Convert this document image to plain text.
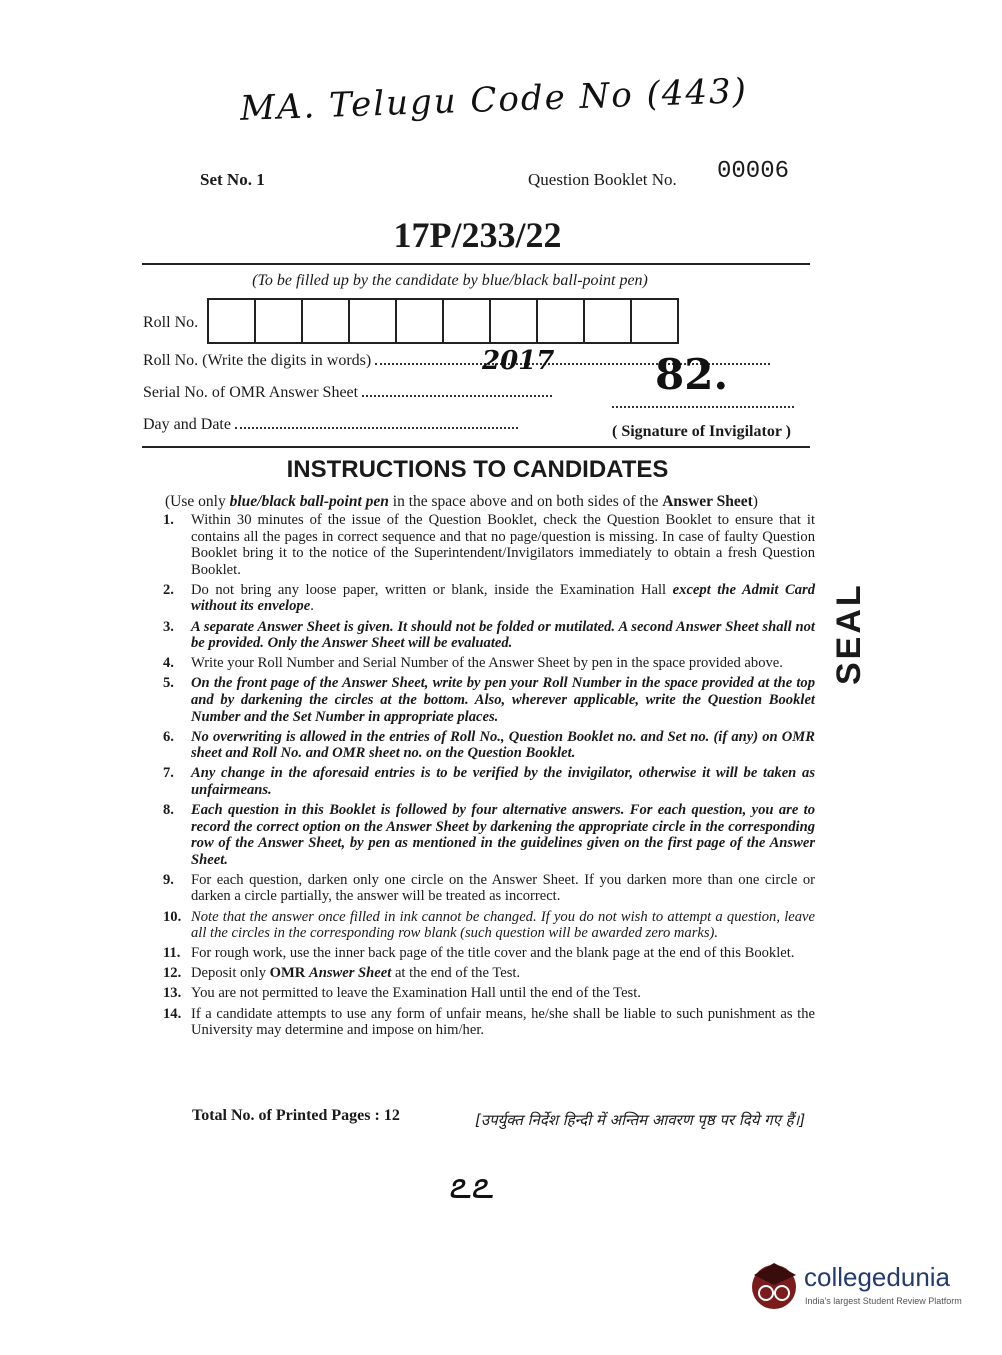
MA. Telugu Code No (443)
Set No. 1	Question Booklet No. 00006
17P/233/22
(To be filled up by the candidate by blue/black ball-point pen)
Roll No.
Roll No. (Write the digits in words)	2017 82.
Serial No. of OMR Answer Sheet
Day and Date	( Signature of Invigilator )
INSTRUCTIONS TO CANDIDATES
(Use only blue/black ball-point pen in the space above and on both sides of the Answer Sheet)
1.	Within 30 minutes of the issue of the Question Booklet, check the Question Booklet to ensure that it contains all the pages in correct sequence and that no page/question is missing. In case of faulty Question Booklet bring it to the notice of the Superintendent/Invigilators immediately to obtain a fresh Question Booklet.
2.	Do not bring any loose paper, written or blank, inside the Examination Hall except the Admit Card without its envelope.
3.	A separate Answer Sheet is given. It should not be folded or mutilated. A second Answer Sheet shall not be provided. Only the Answer Sheet will be evaluated.
4.	Write your Roll Number and Serial Number of the Answer Sheet by pen in the space provided above.
5.	On the front page of the Answer Sheet, write by pen your Roll Number in the space provided at the top and by darkening the circles at the bottom. Also, wherever applicable, write the Question Booklet Number and the Set Number in appropriate places.
6.	No overwriting is allowed in the entries of Roll No., Question Booklet no. and Set no. (if any) on OMR sheet and Roll No. and OMR sheet no. on the Question Booklet.
7.	Any change in the aforesaid entries is to be verified by the invigilator, otherwise it will be taken as unfairmeans.
8.	Each question in this Booklet is followed by four alternative answers. For each question, you are to record the correct option on the Answer Sheet by darkening the appropriate circle in the corresponding row of the Answer Sheet, by pen as mentioned in the guidelines given on the first page of the Answer Sheet.
9.	For each question, darken only one circle on the Answer Sheet. If you darken more than one circle or darken a circle partially, the answer will be treated as incorrect.
10. Note that the answer once filled in ink cannot be changed. If you do not wish to attempt a question, leave all the circles in the corresponding row blank (such question will be awarded zero marks).
11. For rough work, use the inner back page of the title cover and the blank page at the end of this Booklet.
12. Deposit only OMR Answer Sheet at the end of the Test.
13. You are not permitted to leave the Examination Hall until the end of the Test.
14. If a candidate attempts to use any form of unfair means, he/she shall be liable to such punishment as the University may determine and impose on him/her.
SEAL
Total No. of Printed Pages : 12	[उपर्युक्त निर्देश हिन्दी में अन्तिम आवरण पृष्ठ पर दिये गए हैं।]
ఽఽ
collegedunia
India's largest Student Review Platform
